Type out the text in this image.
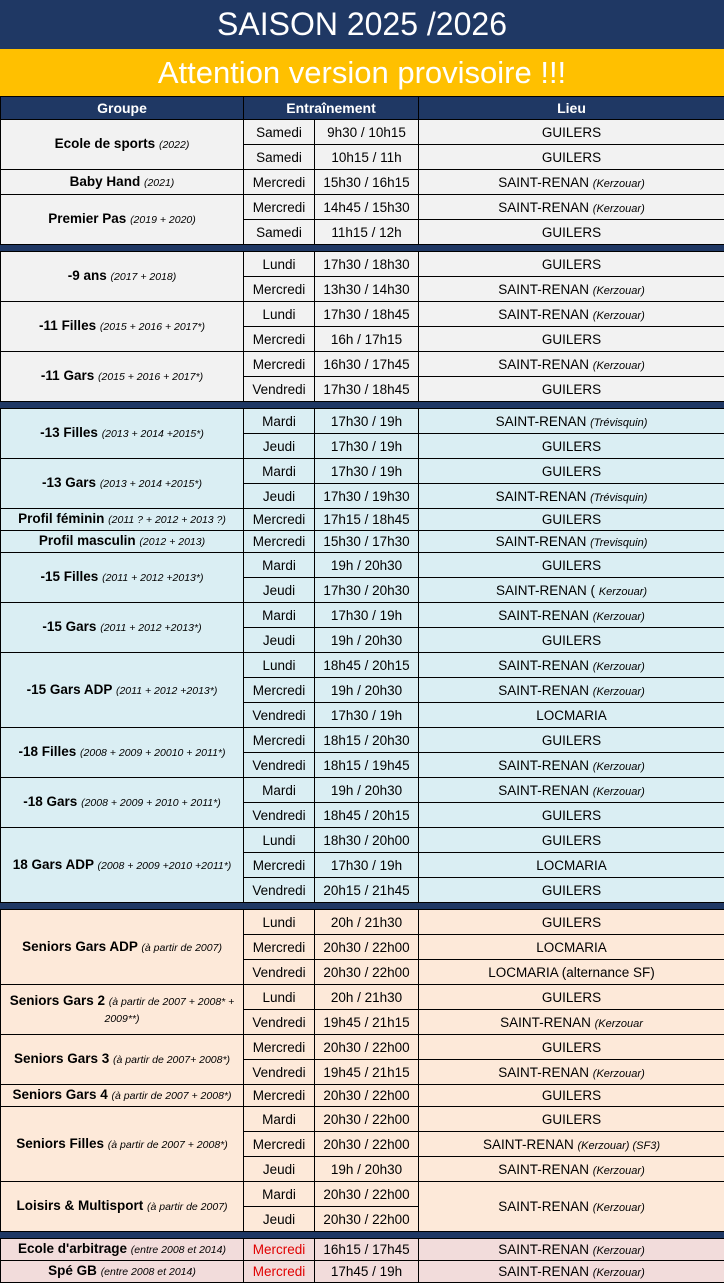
SAISON 2025 /2026
Attention version provisoire !!!
Groupe	Entraînement		Lieu
Ecole de sports (2022)	Samedi	9h30 / 10h15	GUILERS
	Samedi	10h15 / 11h	GUILERS
Baby Hand (2021)	Mercredi	15h30 / 16h15	SAINT-RENAN (Kerzouar)
Premier Pas (2019 + 2020)	Mercredi	14h45 / 15h30	SAINT-RENAN (Kerzouar)
	Samedi	11h15 / 12h	GUILERS

-9 ans (2017 + 2018)	Lundi	17h30 / 18h30	GUILERS
	Mercredi	13h30 / 14h30	SAINT-RENAN (Kerzouar)
-11 Filles (2015 + 2016 + 2017*)	Lundi	17h30 / 18h45	SAINT-RENAN (Kerzouar)
	Mercredi	16h / 17h15	GUILERS
-11 Gars (2015 + 2016 + 2017*)	Mercredi	16h30 / 17h45	SAINT-RENAN (Kerzouar)
	Vendredi	17h30 / 18h45	GUILERS

-13 Filles (2013 + 2014 +2015*)	Mardi	17h30 / 19h	SAINT-RENAN (Trévisquin)
	Jeudi	17h30 / 19h	GUILERS
-13 Gars (2013 + 2014 +2015*)	Mardi	17h30 / 19h	GUILERS
	Jeudi	17h30 / 19h30	SAINT-RENAN (Trévisquin)
Profil féminin (2011 ? + 2012 + 2013 ?)	Mercredi	17h15 / 18h45	GUILERS
Profil masculin (2012 + 2013)	Mercredi	15h30 / 17h30	SAINT-RENAN (Trevisquin)
-15 Filles (2011 + 2012 +2013*)	Mardi	19h / 20h30	GUILERS
	Jeudi	17h30 / 20h30	SAINT-RENAN ( Kerzouar)
-15 Gars (2011 + 2012 +2013*)	Mardi	17h30 / 19h	SAINT-RENAN (Kerzouar)
	Jeudi	19h / 20h30	GUILERS
-15 Gars ADP (2011 + 2012 +2013*)	Lundi	18h45 / 20h15	SAINT-RENAN (Kerzouar)
	Mercredi	19h / 20h30	SAINT-RENAN (Kerzouar)
	Vendredi	17h30 / 19h	LOCMARIA
-18 Filles (2008 + 2009 + 20010 + 2011*)	Mercredi	18h15 / 20h30	GUILERS
	Vendredi	18h15 / 19h45	SAINT-RENAN (Kerzouar)
-18 Gars (2008 + 2009 + 2010 + 2011*)	Mardi	19h / 20h30	SAINT-RENAN (Kerzouar)
	Vendredi	18h45 / 20h15	GUILERS
18 Gars ADP (2008 + 2009 +2010 +2011*)	Lundi	18h30 / 20h00	GUILERS
	Mercredi	17h30 / 19h	LOCMARIA
	Vendredi	20h15 / 21h45	GUILERS

Seniors Gars ADP (à partir de 2007)	Lundi	20h / 21h30	GUILERS
	Mercredi	20h30 / 22h00	LOCMARIA
	Vendredi	20h30 / 22h00	LOCMARIA (alternance SF)
Seniors Gars 2 (à partir de 2007 + 2008* + 2009**)	Lundi	20h / 21h30	GUILERS
	Vendredi	19h45 / 21h15	SAINT-RENAN (Kerzouar
Seniors Gars 3 (à partir de 2007+ 2008*)	Mercredi	20h30 / 22h00	GUILERS
	Vendredi	19h45 / 21h15	SAINT-RENAN (Kerzouar)
Seniors Gars 4 (à partir de 2007 + 2008*)	Mercredi	20h30 / 22h00	GUILERS
Seniors Filles (à partir de 2007 + 2008*)	Mardi	20h30 / 22h00	GUILERS
	Mercredi	20h30 / 22h00	SAINT-RENAN (Kerzouar) (SF3)
	Jeudi	19h / 20h30	SAINT-RENAN (Kerzouar)
Loisirs & Multisport (à partir de 2007)	Mardi	20h30 / 22h00	SAINT-RENAN (Kerzouar)
	Jeudi	20h30 / 22h00	

Ecole d'arbitrage (entre 2008 et 2014)	Mercredi	16h15 / 17h45	SAINT-RENAN (Kerzouar)
Spé GB (entre 2008 et 2014)	Mercredi	17h45 / 19h	SAINT-RENAN (Kerzouar)
